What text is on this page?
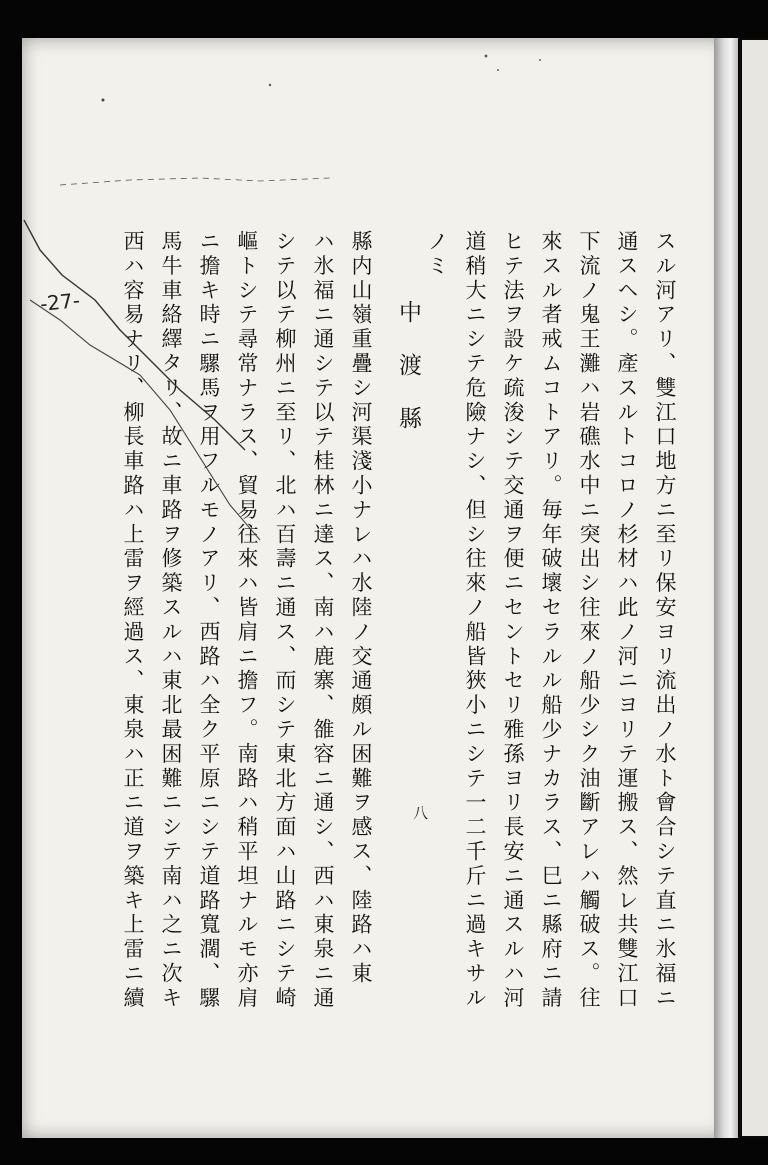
スル河アリ、雙江口地方ニ至リ保安ヨリ流出ノ水ト會合シテ直ニ氷福ニ
通スヘシ。產スルトコロノ杉材ハ此ノ河ニヨリテ運搬ス、然レ共雙江口
下流ノ鬼王灘ハ岩礁水中ニ突出シ往來ノ船少シク油斷アレハ觸破ス。往
來スル者戒ムコトアリ。毎年破壞セラルル船少ナカラス、巳ニ縣府ニ請
ヒテ法ヲ設ケ疏浚シテ交通ヲ便ニセントセリ雅孫ヨリ長安ニ通スルハ河
道稍大ニシテ危險ナシ、但シ往來ノ船皆狹小ニシテ一二千斤ニ過キサル
ノミ
中渡縣
八
縣内山嶺重疊シ河渠淺小ナレハ水陸ノ交通頗ル困難ヲ感ス、陸路ハ東
ハ氷福ニ通シテ以テ桂林ニ達ス、南ハ鹿寨、雒容ニ通シ、西ハ東泉ニ通
シテ以テ柳州ニ至リ、北ハ百壽ニ通ス、而シテ東北方面ハ山路ニシテ崎
嶇トシテ尋常ナラス、貿易往來ハ皆肩ニ擔フ。南路ハ稍平坦ナルモ亦肩
ニ擔キ時ニ騾馬ヲ用フルモノアリ、西路ハ全ク平原ニシテ道路寬濶、騾
馬牛車絡繹タリ、故ニ車路ヲ修築スルハ東北最困難ニシテ南ハ之ニ次キ
西ハ容易ナリ、柳長車路ハ上雷ヲ經過ス、東泉ハ正ニ道ヲ築キ上雷ニ續
-27-
